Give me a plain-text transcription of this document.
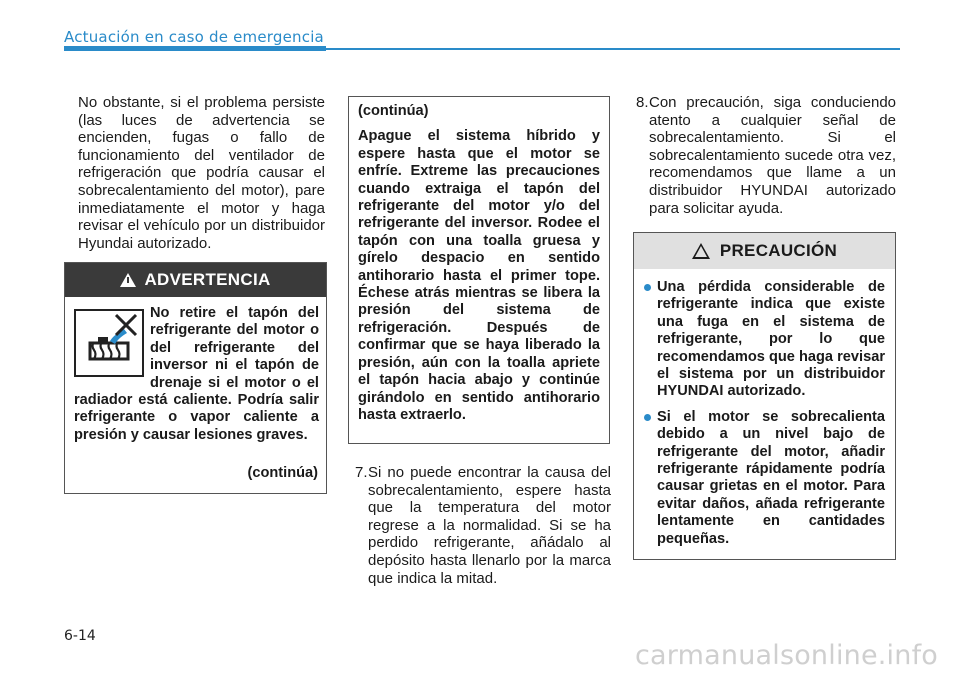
Actuación en caso de emergencia

No obstante, si el problema persiste (las luces de advertencia se encienden, fugas o fallo de funcionamiento del ventilador de refrigeración que podría causar el sobrecalentamiento del motor), pare inmediatamente el motor y haga revisar el vehículo por un distribuidor Hyundai autorizado.

ADVERTENCIA
No retire el tapón del refrigerante del motor o del refrigerante del inversor ni el tapón de drenaje si el motor o el radiador está caliente. Podría salir refrigerante o vapor caliente a presión y causar lesiones graves.
(continúa)
(continúa)

Apague el sistema híbrido y espere hasta que el motor se enfríe. Extreme las precauciones cuando extraiga el tapón del refrigerante del motor y/o del refrigerante del inversor. Rodee el tapón con una toalla gruesa y gírelo despacio en sentido antihorario hasta el primer tope. Échese atrás mientras se libera la presión del sistema de refrigeración. Después de confirmar que se haya liberado la presión, aún con la toalla apriete el tapón hacia abajo y continúe girándolo en sentido antihorario hasta extraerlo.

7. Si no puede encontrar la causa del sobrecalentamiento, espere hasta que la temperatura del motor regrese a la normalidad. Si se ha perdido refrigerante, añádalo al depósito hasta llenarlo por la marca que indica la mitad.

8. Con precaución, siga conduciendo atento a cualquier señal de sobrecalentamiento. Si el sobrecalentamiento sucede otra vez, recomendamos que llame a un distribuidor HYUNDAI autorizado para solicitar ayuda.

PRECAUCIÓN
Una pérdida considerable de refrigerante indica que existe una fuga en el sistema de refrigerante, por lo que recomendamos que haga revisar el sistema por un distribuidor HYUNDAI autorizado.
Si el motor se sobrecalienta debido a un nivel bajo de refrigerante del motor, añadir refrigerante rápidamente podría causar grietas en el motor. Para evitar daños, añada refrigerante lentamente en cantidades pequeñas.
6-14
carmanualsonline.info
